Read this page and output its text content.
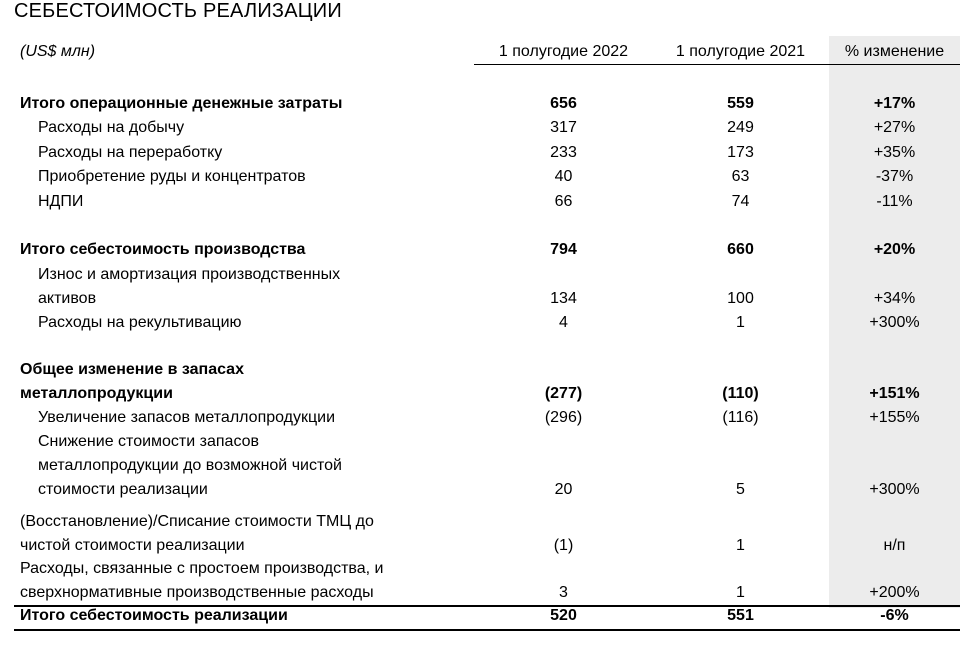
СЕБЕСТОИМОСТЬ РЕАЛИЗАЦИИ
(US$ млн)	1 полугодие 2022	1 полугодие 2021	% изменение
Итого операционные денежные затраты	656	559	+17%
Расходы на добычу	317	249	+27%
Расходы на переработку	233	173	+35%
Приобретение руды и концентратов	40	63	-37%
НДПИ	66	74	-11%
Итого себестоимость производства	794	660	+20%
Износ и амортизация производственных
активов	134	100	+34%
Расходы на рекультивацию	4	1	+300%
Общее изменение в запасах
металлопродукции	(277)	(110)	+151%
Увеличение запасов металлопродукции	(296)	(116)	+155%
Снижение стоимости запасов
металлопродукции до возможной чистой
стоимости реализации	20	5	+300%
(Восстановление)/Списание стоимости ТМЦ до
чистой стоимости реализации	(1)	1	н/п
Расходы, связанные с простоем производства, и
сверхнормативные производственные расходы	3	1	+200%
Итого себестоимость реализации	520	551	-6%
